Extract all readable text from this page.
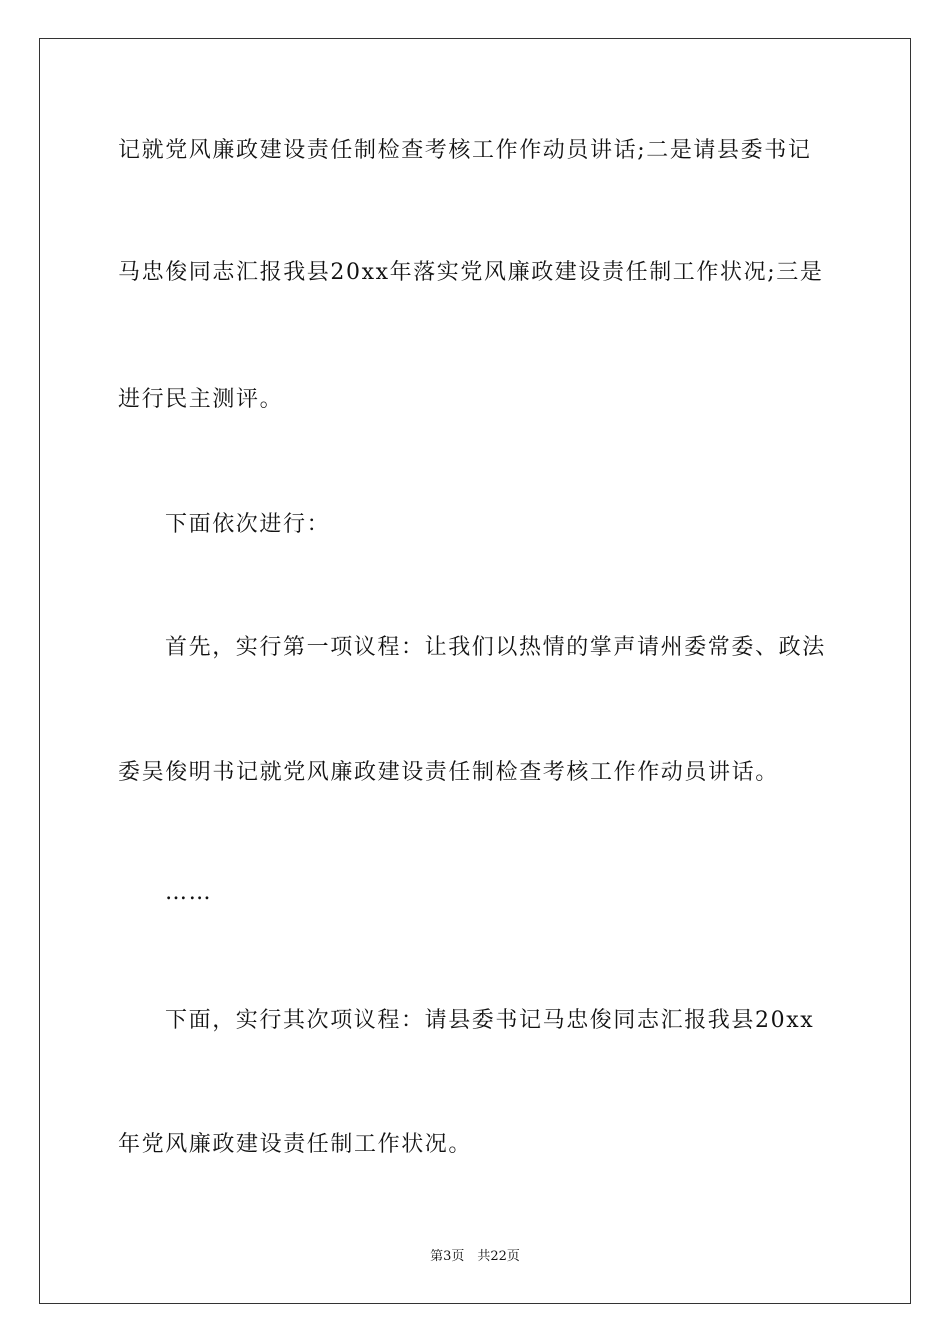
记就党风廉政建设责任制检查考核工作作动员讲话;二是请县委书记
马忠俊同志汇报我县20xx年落实党风廉政建设责任制工作状况;三是
进行民主测评。
下面依次进行：
首先，实行第一项议程：让我们以热情的掌声请州委常委、政法
委吴俊明书记就党风廉政建设责任制检查考核工作作动员讲话。
……
下面，实行其次项议程：请县委书记马忠俊同志汇报我县20xx
年党风廉政建设责任制工作状况。
第3页　共22页
